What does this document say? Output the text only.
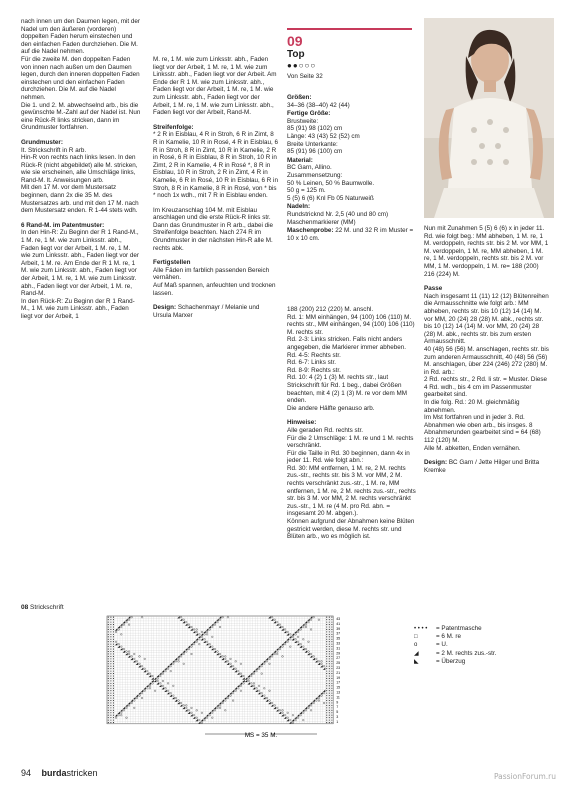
nach innen um den Daumen legen, mit der Nadel um den äußeren (vorderen) doppelten Faden herum einstechen und den einfachen Faden durchziehen. Die M. auf die Nadel nehmen.
Für die zweite M. den doppelten Faden von innen nach außen um den Daumen legen, durch den inneren doppelten Faden einstechen und den einfachen Faden durchziehen. Die M. auf die Nadel nehmen.
Die 1. und 2. M. abwechselnd arb., bis die gewünschte M.-Zahl auf der Nadel ist. Nun eine Rück-R links stricken, dann im Grundmuster fortfahren.

Grundmuster:
It. Strickschrift in R arb.
Hin-R von rechts nach links lesen. In den Rück-R (nicht abgebildet) alle M. stricken, wie sie erscheinen, alle Umschläge links, Rand-M. lt. Anweisungen arb.
Mit den 17 M. vor dem Mustersatz beginnen, dann 2x die 35 M. des Mustersatzes arb. und mit den 17 M. nach dem Mustersatz enden. R 1-44 stets wdh.

6 Rand-M. im Patentmuster:
In den Hin-R: Zu Beginn der R 1 Rand-M., 1 M. re, 1 M. wie zum Linksstr. abh., Faden liegt vor der Arbeit, 1 M. re, 1 M. wie zum Linksstr. abh., Faden liegt vor der Arbeit, 1 M. re. Am Ende der R 1 M. re, 1 M. wie zum Linksstr. abh., Faden liegt vor der Arbeit, 1 M. re, 1 M. wie zum Linksstr. abh., Faden liegt vor der Arbeit, 1 M. re, Rand-M.
In den Rück-R: Zu Beginn der R 1 Rand-M., 1 M. wie zum Linksstr. abh., Faden liegt vor der Arbeit, 1

M. re, 1 M. wie zum Linksstr. abh., Faden liegt vor der Arbeit, 1 M. re, 1 M. wie zum Linksstr. abh., Faden liegt vor der Arbeit. Am Ende der R 1 M. wie zum Linksstr. abh., Faden liegt vor der Arbeit, 1 M. re, 1 M. wie zum Linksstr. abh., Faden liegt vor der Arbeit, 1 M. re, 1 M. wie zum Linksstr. abh., Faden liegt vor der Arbeit, Rand-M.

Streifenfolge:
* 2 R in Eisblau, 4 R in Stroh, 6 R in Zimt, 8 R in Kamelie, 10 R in Rosé, 4 R in Eisblau, 6 R in Stroh, 8 R in Zimt, 10 R in Kamelie, 2 R in Rosé, 6 R in Eisblau, 8 R in Stroh, 10 R in Zimt, 2 R in Kamelie, 4 R in Rosé *, 8 R in Eisblau, 10 R in Stroh, 2 R in Zimt, 4 R in Kamelie, 6 R in Rosé, 10 R in Eisblau, 6 R in Stroh, 8 R in Kamelie, 8 R in Rosé, von * bis * noch 1x wdh., mit 7 R in Eisblau enden.

Im Kreuzanschlag 104 M. mit Eisblau anschlagen und die erste Rück-R links str.
Dann das Grundmuster in R arb., dabei die Streifenfolge beachten. Nach 274 R im Grundmuster in der nächsten Hin-R alle M. rechts abk.

Fertigstellen
Alle Fäden im farblich passenden Bereich vernähen.
Auf Maß spannen, anfeuchten und trocknen lassen.

Design: Schachenmayr / Melanie und Ursula Marxer

09
Top
●●○○○
Von Seite 32

Größen:
34–36 (38–40) 42 (44)

Fertige Größe:
Brustweite:
85 (91) 98 (102) cm
Länge: 43 (43) 52 (52) cm
Breite Unterkante:
85 (91) 96 (100) cm

Material:
BC Garn, Allino.
Zusammensetzung:
50 % Leinen, 50 % Baumwolle.
50 g = 125 m.
5 (5) 6 (6) Knl Fb 05 Naturweiß

Nadeln:
Rundstricknd Nr. 2,5 (40 und 80 cm)
Maschenmarkierer (MM)

Maschenprobe: 22 M. und 32 R im Muster = 10 x 10 cm.

188 (200) 212 (220) M. anschl.
Rd. 1: MM einhängen, 94 (100) 106 (110) M. rechts str., MM einhängen, 94 (100) 106 (110) M. rechts str.
Rd. 2-3: Links stricken. Falls nicht anders angegeben, die Markierer immer abheben.
Rd. 4-5: Rechts str.
Rd. 6-7: Links str.
Rd. 8-9: Rechts str.
Rd. 10: 4 (2) 1 (3) M. rechts str., laut Strickschrift für Rd. 1 beg., dabei Größen beachten, mit 4 (2) 1 (3) M. re vor dem MM enden.
Die andere Hälfte genauso arb.

Hinweise:
Alle geraden Rd. rechts str.
Für die 2 Umschläge: 1 M. re und 1 M. rechts verschränkt.
Für die Taille in Rd. 30 beginnen, dann 4x in jeder 11. Rd. wie folgt abn.:
Rd. 30: MM entfernen, 1 M. re, 2 M. rechts zus.-str., rechts str. bis 3 M. vor MM, 2 M. rechts verschränkt zus.-str., 1 M. re, MM entfernen, 1 M. re, 2 M. rechts zus.-str., rechts str. bis 3 M. vor MM, 2 M. rechts verschränkt zus.-str., 1 M. re (4 M. pro Rd. abn. = insgesamt 20 M. abgen.).
Können aufgrund der Abnahmen keine Blüten gestrickt werden, diese M. rechts str. und Blüten arb., wo es möglich ist.

Nun mit Zunahmen 5 (5) 6 (6) x in jeder 11. Rd. wie folgt beg.: MM abheben, 1 M. re, 1 M. verdoppeln, rechts str. bis 2 M. vor MM, 1 M. verdoppeln, 1 M. re, MM abheben, 1 M. re, 1 M. verdoppeln, rechts str. bis 2 M. vor MM, 1 M. verdoppeln, 1 M. re= 188 (200) 216 (224) M.

Passe
Nach insgesamt 11 (11) 12 (12) Blütenreihen die Armausschnitte wie folgt arb.: MM abheben, rechts str. bis 10 (12) 14 (14) M. vor MM, 20 (24) 28 (28) M. abk., rechts str. bis 10 (12) 14 (14) M. vor MM, 20 (24) 28 (28) M. abk., rechts str. bis zum ersten Armausschnitt.
40 (48) 56 (56) M. anschlagen, rechts str. bis zum anderen Armausschnitt, 40 (48) 56 (56) M. anschlagen, über 224 (246) 272 (280) M. in Rd. arb.:
2 Rd. rechts str., 2 Rd. li str. = Muster. Diese 4 Rd. wdh., bis 4 cm im Passenmuster gearbeitet sind.
In die folg. Rd.: 20 M. gleichmäßig abnehmen.
Im Mst fortfahren und in jeder 3. Rd. Abnahmen wie oben arb., bis insges. 8 Abnahmerunden gearbeitet sind = 64 (68) 112 (120) M.
Alle M. abketten, Enden vernähen.

Design: BC Garn / Jette Hilger und Britta Kremke

08 Strickschrift
43
41
39
37
35
33
31
29
27
25
23
21
19
17
15
13
11
9
7
5
3
1
MS = 35 M.
• • • •	= Patentmasche
□	= 6 M. re
o	= U.
◢	= 2 M. rechts zus.-str.
◣	= Überzug
94 burdastricken	PassionForum.ru
